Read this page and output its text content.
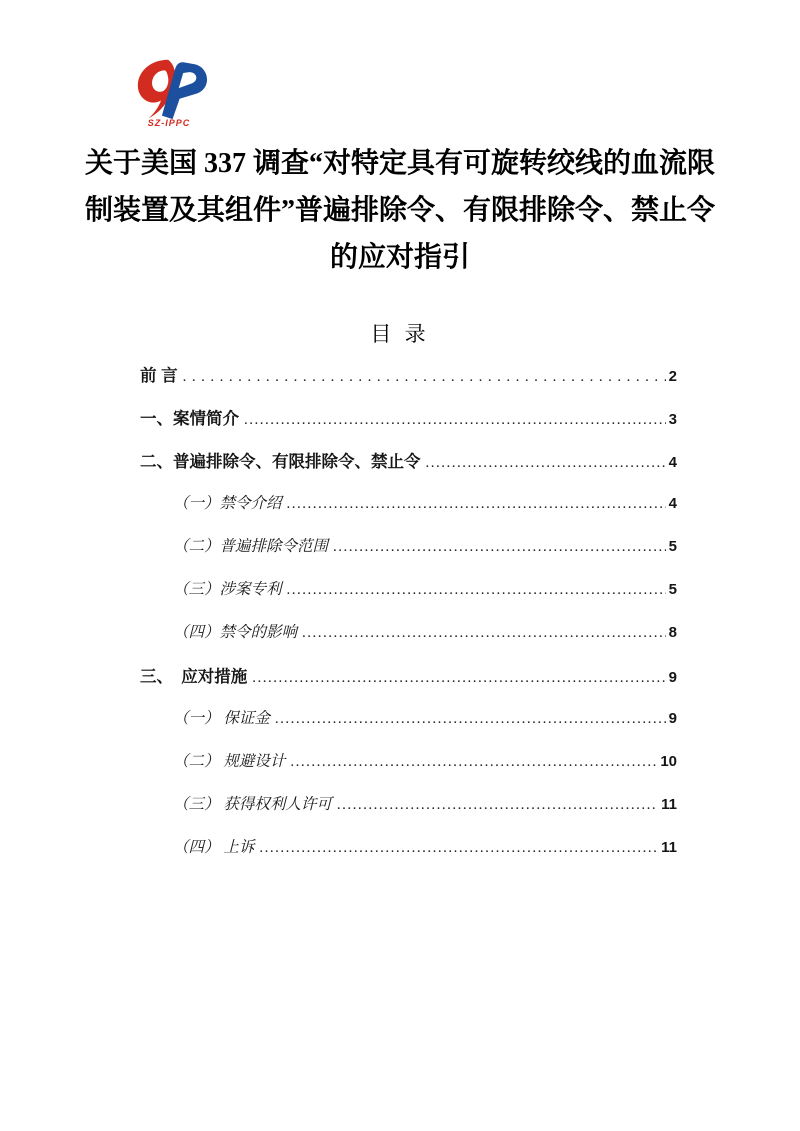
SZ-IPPC
关于美国 337 调查“对特定具有可旋转绞线的血流限
制装置及其组件”普遍排除令、有限排除令、禁止令
的应对指引
目 录
前 言 .....	2
一、案情简介 .....	3
二、普遍排除令、有限排除令、禁止令 .....	4
（一）禁令介绍 .....	4
（二）普遍排除令范围 .....	5
（三）涉案专利 .....	5
（四）禁令的影响 .....	8
三、　应对措施 .....	9
（一） 保证金 .....	9
（二） 规避设计 .....	10
（三） 获得权利人许可 .....	11
（四） 上诉 .....	11
